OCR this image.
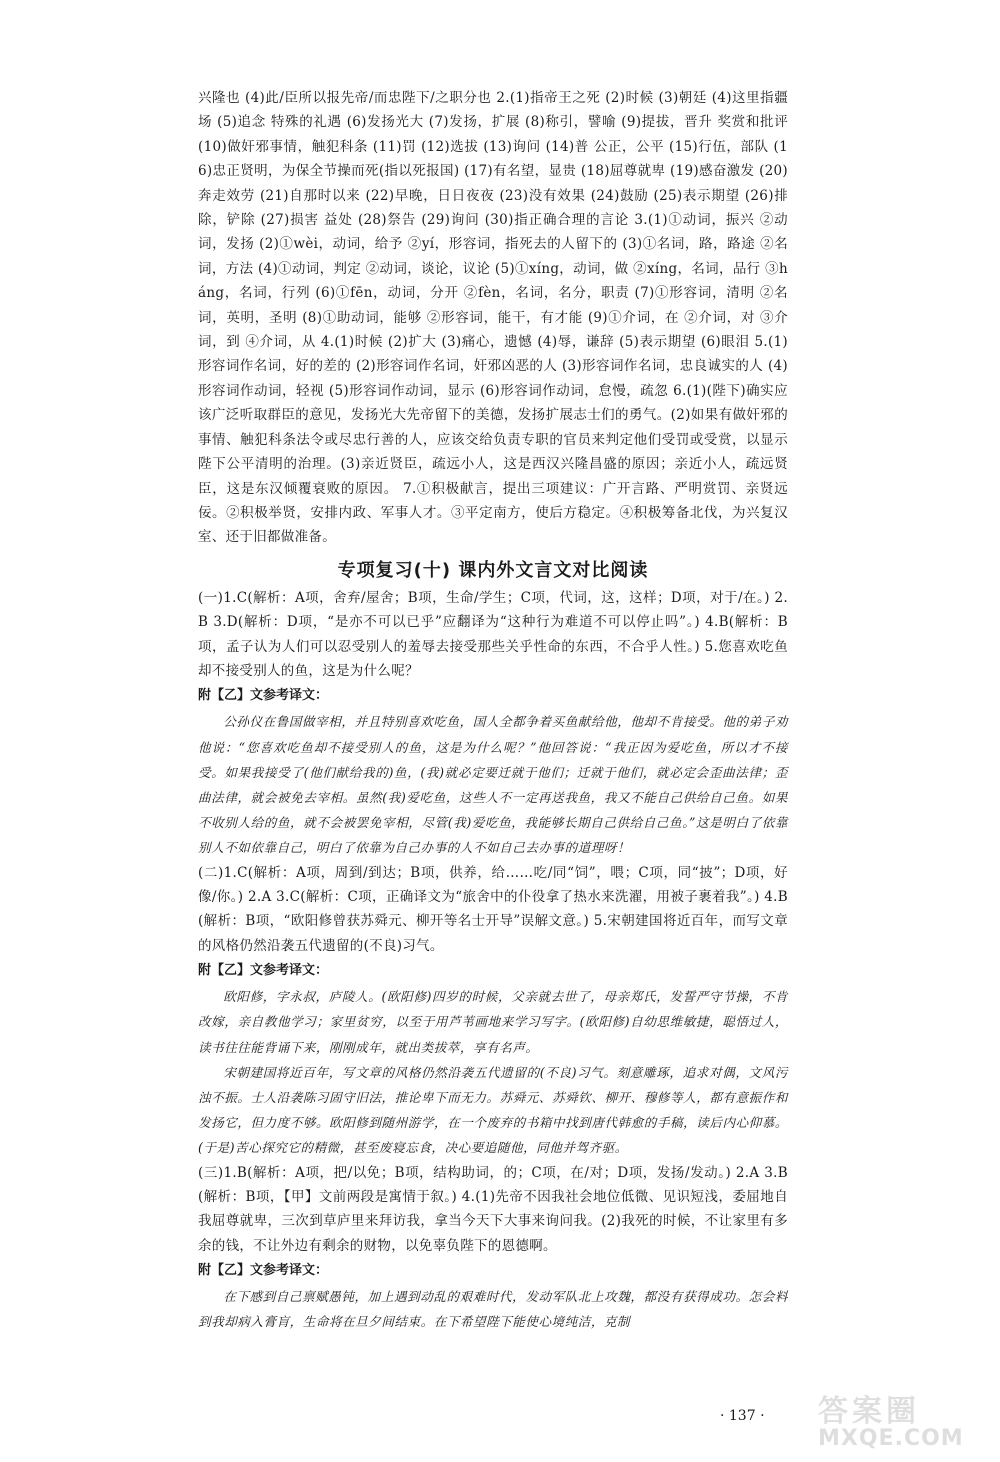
兴隆也 (4)此/臣所以报先帝/而忠陛下/之职分也 2.(1)指帝王之死 (2)时候 (3)朝廷 (4)这里指疆场 (5)追念 特殊的礼遇 (6)发扬光大 (7)发扬，扩展 (8)称引，譬喻 (9)提拔，晋升 奖赏和批评 (10)做奸邪事情，触犯科条 (11)罚 (12)选拔 (13)询问 (14)普 公正，公平 (15)行伍，部队 (16)忠正贤明，为保全节操而死(指以死报国) (17)有名望，显贵 (18)屈尊就卑 (19)感奋激发 (20)奔走效劳 (21)自那时以来 (22)早晚，日日夜夜 (23)没有效果 (24)鼓励 (25)表示期望 (26)排除，铲除 (27)损害 益处 (28)祭告 (29)询问 (30)指正确合理的言论 3.(1)①动词，振兴 ②动词，发扬 (2)①wèi，动词，给予 ②yí，形容词，指死去的人留下的 (3)①名词，路，路途 ②名词，方法 (4)①动词，判定 ②动词，谈论，议论 (5)①xíng，动词，做 ②xíng，名词，品行 ③háng，名词，行列 (6)①fēn，动词，分开 ②fèn，名词，名分，职责 (7)①形容词，清明 ②名词，英明，圣明 (8)①助动词，能够 ②形容词，能干，有才能 (9)①介词，在 ②介词，对 ③介词，到 ④介词，从 4.(1)时候 (2)扩大 (3)痛心，遗憾 (4)辱，谦辞 (5)表示期望 (6)眼泪 5.(1)形容词作名词，好的差的 (2)形容词作名词，奸邪凶恶的人 (3)形容词作名词，忠良诚实的人 (4)形容词作动词，轻视 (5)形容词作动词，显示 (6)形容词作动词，怠慢，疏忽 6.(1)(陛下)确实应该广泛听取群臣的意见，发扬光大先帝留下的美德，发扬扩展志士们的勇气。(2)如果有做奸邪的事情、触犯科条法令或尽忠行善的人，应该交给负责专职的官员来判定他们受罚或受赏，以显示陛下公平清明的治理。(3)亲近贤臣，疏远小人，这是西汉兴隆昌盛的原因；亲近小人，疏远贤臣，这是东汉倾覆衰败的原因。 7.①积极献言，提出三项建议：广开言路、严明赏罚、亲贤远佞。②积极举贤，安排内政、军事人才。③平定南方，使后方稳定。④积极筹备北伐，为兴复汉室、还于旧都做准备。

专项复习(十) 课内外文言文对比阅读

(一)1.C(解析：A项，舍弃/屋舍；B项，生命/学生；C项，代词，这，这样；D项，对于/在。) 2.B 3.D(解析：D项，“是亦不可以已乎”应翻译为“这种行为难道不可以停止吗”。) 4.B(解析：B项，孟子认为人们可以忍受别人的羞辱去接受那些关乎性命的东西，不合乎人性。) 5.您喜欢吃鱼却不接受别人的鱼，这是为什么呢？

附【乙】文参考译文：

公孙仪在鲁国做宰相，并且特别喜欢吃鱼，国人全都争着买鱼献给他，他却不肯接受。他的弟子劝他说：“您喜欢吃鱼却不接受别人的鱼，这是为什么呢？”他回答说：“我正因为爱吃鱼，所以才不接受。如果我接受了(他们献给我的)鱼，(我)就必定要迁就于他们；迁就于他们，就必定会歪曲法律；歪曲法律，就会被免去宰相。虽然(我)爱吃鱼，这些人不一定再送我鱼，我又不能自己供给自己鱼。如果不收别人给的鱼，就不会被罢免宰相，尽管(我)爱吃鱼，我能够长期自己供给自己鱼。”这是明白了依靠别人不如依靠自己，明白了依靠为自己办事的人不如自己去办事的道理呀！

(二)1.C(解析：A项，周到/到达；B项，供养，给……吃/同“饲”，喂；C项，同“披”；D项，好像/你。) 2.A 3.C(解析：C项，正确译文为“旅舍中的仆役拿了热水来洗濯，用被子裹着我”。) 4.B(解析：B项，“欧阳修曾获苏舜元、柳开等名士开导”误解文意。) 5.宋朝建国将近百年，而写文章的风格仍然沿袭五代遗留的(不良)习气。

附【乙】文参考译文：

欧阳修，字永叔，庐陵人。(欧阳修)四岁的时候，父亲就去世了，母亲郑氏，发誓严守节操，不肯改嫁，亲自教他学习；家里贫穷，以至于用芦苇画地来学习写字。(欧阳修)自幼思维敏捷，聪悟过人，读书往往能背诵下来，刚刚成年，就出类拔萃，享有名声。

宋朝建国将近百年，写文章的风格仍然沿袭五代遗留的(不良)习气。刻意雕琢，追求对偶，文风污浊不振。士人沿袭陈习固守旧法，推论卑下而无力。苏舜元、苏舜钦、柳开、穆修等人，都有意振作和发扬它，但力度不够。欧阳修到随州游学，在一个废弃的书箱中找到唐代韩愈的手稿，读后内心仰慕。(于是)苦心探究它的精微，甚至废寝忘食，决心要追随他，同他并驾齐驱。

(三)1.B(解析：A项，把/以免；B项，结构助词，的；C项，在/对；D项，发扬/发动。) 2.A 3.B(解析：B项，【甲】文前两段是寓情于叙。) 4.(1)先帝不因我社会地位低微、见识短浅，委屈地自我屈尊就卑，三次到草庐里来拜访我，拿当今天下大事来询问我。(2)我死的时候，不让家里有多余的钱，不让外边有剩余的财物，以免辜负陛下的恩德啊。

附【乙】文参考译文：

在下感到自己禀赋愚钝，加上遇到动乱的艰难时代，发动军队北上攻魏，都没有获得成功。怎会料到我却病入膏肓，生命将在旦夕间结束。在下希望陛下能使心境纯洁，克制

· 137 · 答案圈
MXQE.COM
